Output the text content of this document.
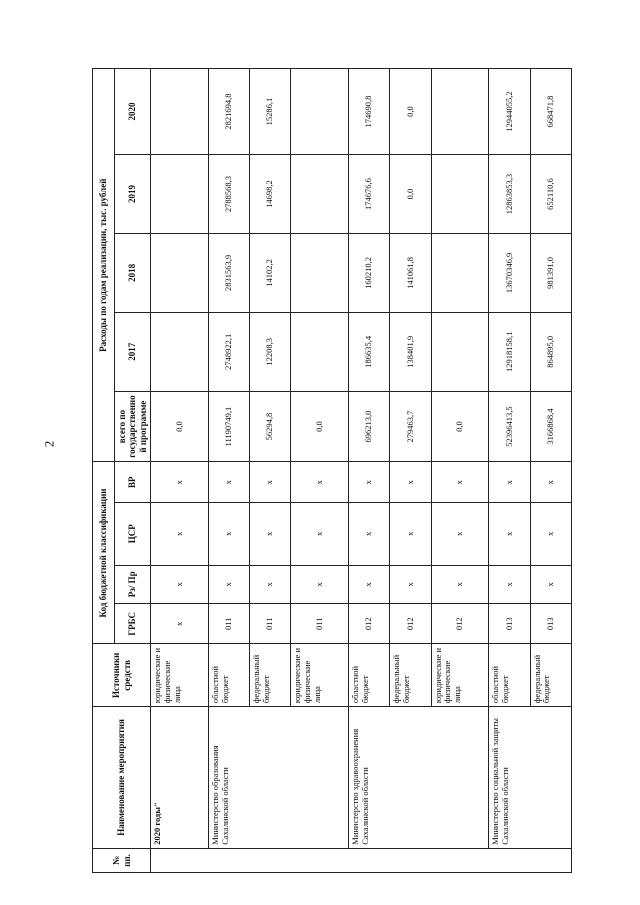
2
№ пп.	Наименование мероприятия	Источники средств	Код бюджетной классификации				Расходы по годам реализации, тыс. рублей				
			ГРБС	Рз/ Пр	ЦСР	ВР	всего по государственной программе	2017	2018	2019	2020
	2020 годы"	юридические и физические лица	x	x	x	x	0,0				
	Министерство образования Сахалинской области	областной бюджет	011	x	x	x	11190749,1	2748922,1	2831563,9	2788568,3	2821694,8
		федеральный бюджет	011	x	x	x	56294,8	12208,3	14102,2	14698,2	15286,1
		юридические и физические лица	011	x	x	x	0,0				
	Министерство здравоохранения Сахалинской области	областной бюджет	012	x	x	x	696213,0	186635,4	160210,2	174676,6	174690,8
		федеральный бюджет	012	x	x	x	279463,7	138401,9	141061,8	0,0	0,0
		юридические и физические лица	012	x	x	x	0,0				
	Министерство социальной защиты Сахалинской области	областной бюджет	013	x	x	x	52396413,5	12918158,1	13670346,9	12863853,3	12944055,2
		федеральный бюджет	013	x	x	x	3166868,4	864895,0	981391,0	652110,6	668471,8
